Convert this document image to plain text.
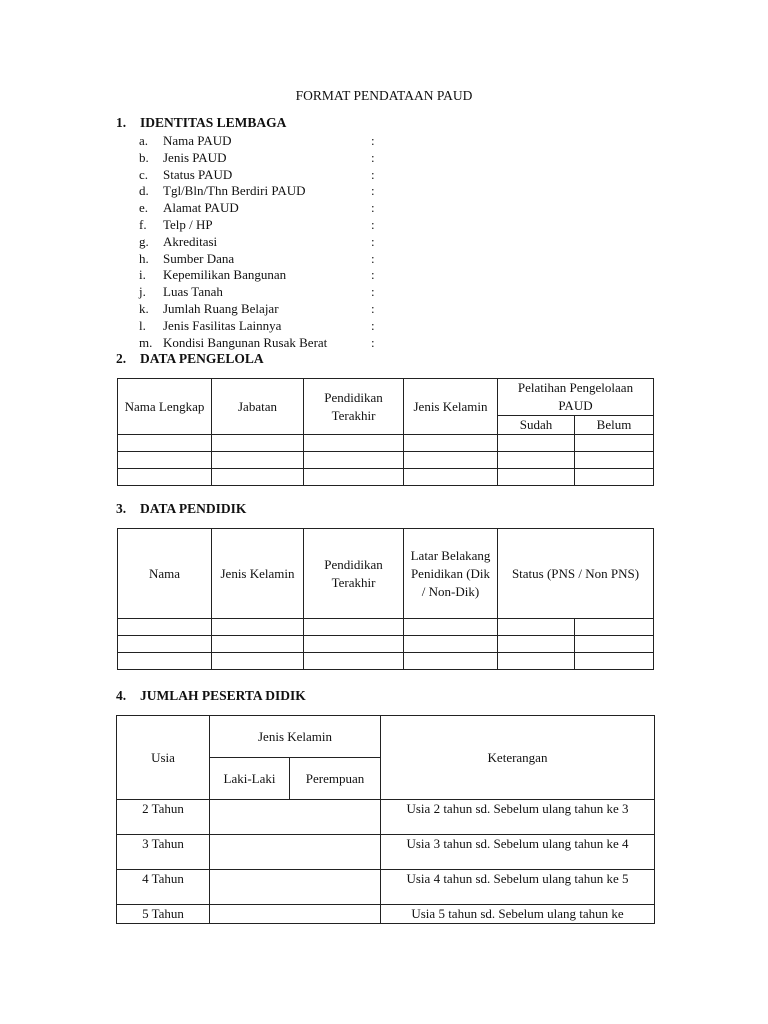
FORMAT PENDATAAN PAUD
1. IDENTITAS LEMBAGA
a. Nama PAUD	:
b. Jenis PAUD	:
c. Status PAUD	:
d. Tgl/Bln/Thn Berdiri PAUD	:
e. Alamat PAUD	:
f. Telp / HP	:
g. Akreditasi	:
h. Sumber Dana	:
i. Kepemilikan Bangunan	:
j. Luas Tanah	:
k. Jumlah Ruang Belajar	:
l. Jenis Fasilitas Lainnya	:
m. Kondisi Bangunan Rusak Berat	:
2. DATA PENGELOLA
Nama Lengkap	Jabatan	Pendidikan Terakhir	Jenis Kelamin	Pelatihan Pengelolaan PAUD	
				Sudah	Belum

3. DATA PENDIDIK
Nama	Jenis Kelamin	Pendidikan Terakhir	Latar Belakang Penidikan (Dik / Non-Dik)	Status (PNS / Non PNS)	

4. JUMLAH PESERTA DIDIK
Usia	Jenis Kelamin		Keterangan
	Laki-Laki	Perempuan	
2 Tahun			Usia 2 tahun sd. Sebelum ulang tahun ke 3
3 Tahun			Usia 3 tahun sd. Sebelum ulang tahun ke 4
4 Tahun			Usia 4 tahun sd. Sebelum ulang tahun ke 5
5 Tahun			Usia 5 tahun sd. Sebelum ulang tahun ke
